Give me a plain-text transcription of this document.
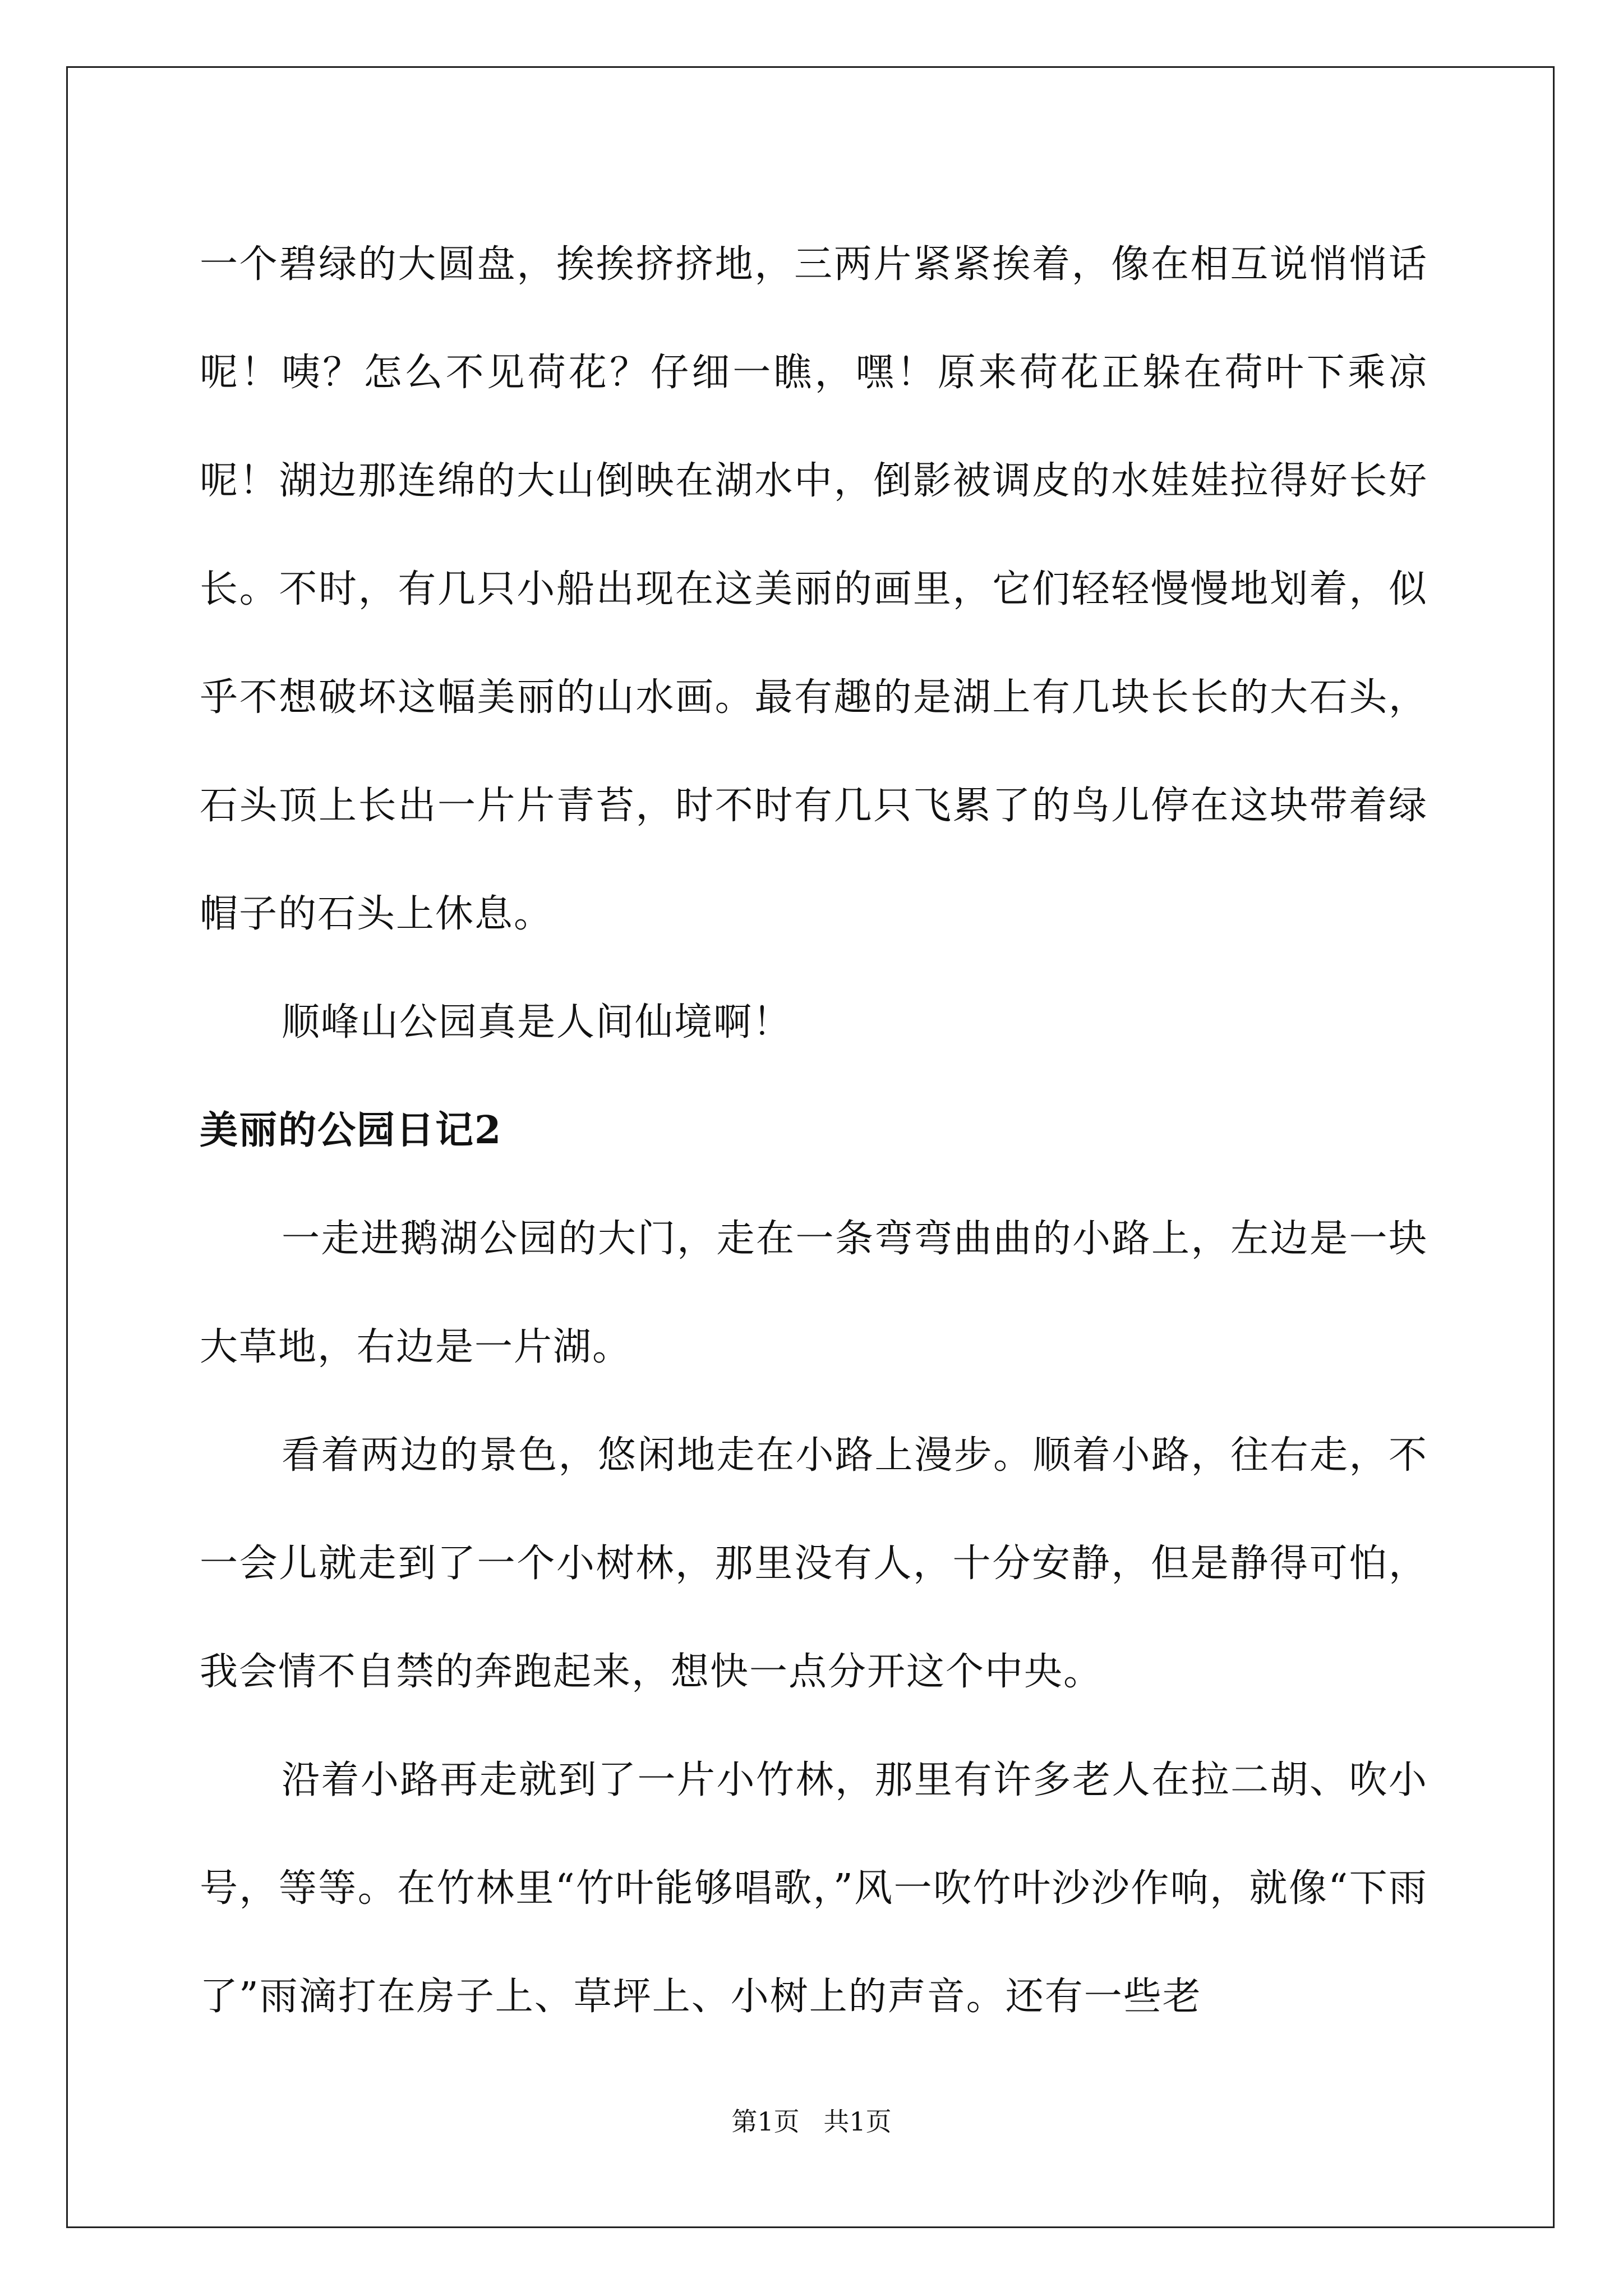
一个碧绿的大圆盘，挨挨挤挤地，三两片紧紧挨着，像在相互说悄悄话呢！咦？怎么不见荷花？仔细一瞧，嘿！原来荷花正躲在荷叶下乘凉呢！湖边那连绵的大山倒映在湖水中，倒影被调皮的水娃娃拉得好长好长。不时，有几只小船出现在这美丽的画里，它们轻轻慢慢地划着，似乎不想破坏这幅美丽的山水画。最有趣的是湖上有几块长长的大石头，石头顶上长出一片片青苔，时不时有几只飞累了的鸟儿停在这块带着绿帽子的石头上休息。

顺峰山公园真是人间仙境啊！

美丽的公园日记2

一走进鹅湖公园的大门，走在一条弯弯曲曲的小路上，左边是一块大草地，右边是一片湖。

看着两边的景色，悠闲地走在小路上漫步。顺着小路，往右走，不一会儿就走到了一个小树林，那里没有人，十分安静，但是静得可怕，我会情不自禁的奔跑起来，想快一点分开这个中央。

沿着小路再走就到了一片小竹林，那里有许多老人在拉二胡、吹小号，等等。在竹林里“竹叶能够唱歌，”风一吹竹叶沙沙作响，就像“下雨了”雨滴打在房子上、草坪上、小树上的声音。还有一些老

第1页 共1页
